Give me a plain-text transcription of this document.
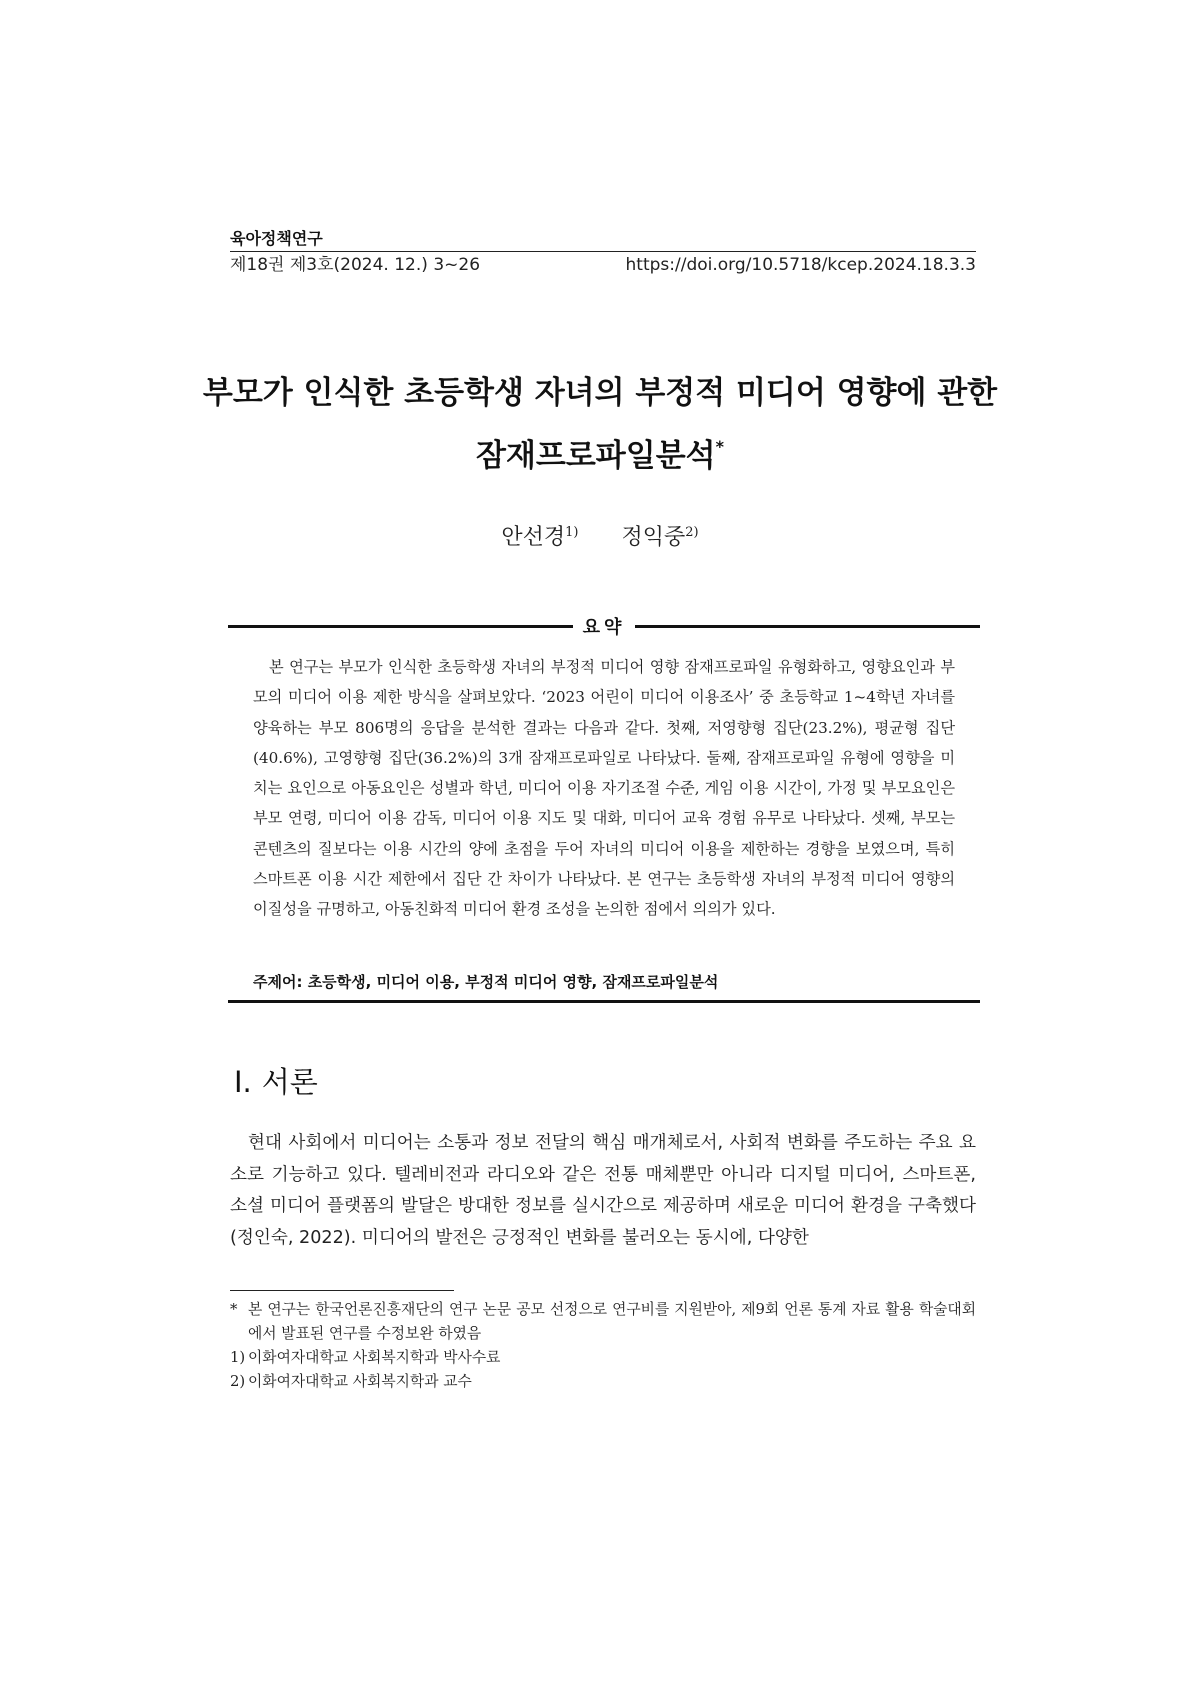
육아정책연구
제18권 제3호(2024. 12.) 3~26	https://doi.org/10.5718/kcep.2024.18.3.3
부모가 인식한 초등학생 자녀의 부정적 미디어 영향에 관한
잠재프로파일분석*
안선경$^{1)}$ 정익중$^{2)}$
요약

본 연구는 부모가 인식한 초등학생 자녀의 부정적 미디어 영향 잠재프로파일 유형화하고, 영향요인과 부모의 미디어 이용 제한 방식을 살펴보았다. ‘2023 어린이 미디어 이용조사’ 중 초등학교 1~4학년 자녀를 양육하는 부모 806명의 응답을 분석한 결과는 다음과 같다. 첫째, 저영향형 집단(23.2%), 평균형 집단(40.6%), 고영향형 집단(36.2%)의 3개 잠재프로파일로 나타났다. 둘째, 잠재프로파일 유형에 영향을 미치는 요인으로 아동요인은 성별과 학년, 미디어 이용 자기조절 수준, 게임 이용 시간이, 가정 및 부모요인은 부모 연령, 미디어 이용 감독, 미디어 이용 지도 및 대화, 미디어 교육 경험 유무로 나타났다. 셋째, 부모는 콘텐츠의 질보다는 이용 시간의 양에 초점을 두어 자녀의 미디어 이용을 제한하는 경향을 보였으며, 특히 스마트폰 이용 시간 제한에서 집단 간 차이가 나타났다. 본 연구는 초등학생 자녀의 부정적 미디어 영향의 이질성을 규명하고, 아동친화적 미디어 환경 조성을 논의한 점에서 의의가 있다.

주제어: 초등학생, 미디어 이용, 부정적 미디어 영향, 잠재프로파일분석
Ⅰ. 서론

현대 사회에서 미디어는 소통과 정보 전달의 핵심 매개체로서, 사회적 변화를 주도하는 주요 요소로 기능하고 있다. 텔레비전과 라디오와 같은 전통 매체뿐만 아니라 디지털 미디어, 스마트폰, 소셜 미디어 플랫폼의 발달은 방대한 정보를 실시간으로 제공하며 새로운 미디어 환경을 구축했다(정인숙, 2022). 미디어의 발전은 긍정적인 변화를 불러오는 동시에, 다양한

* 본 연구는 한국언론진흥재단의 연구 논문 공모 선정으로 연구비를 지원받아, 제9회 언론 통계 자료 활용 학술대회에서 발표된 연구를 수정보완 하였음
1) 이화여자대학교 사회복지학과 박사수료
2) 이화여자대학교 사회복지학과 교수
